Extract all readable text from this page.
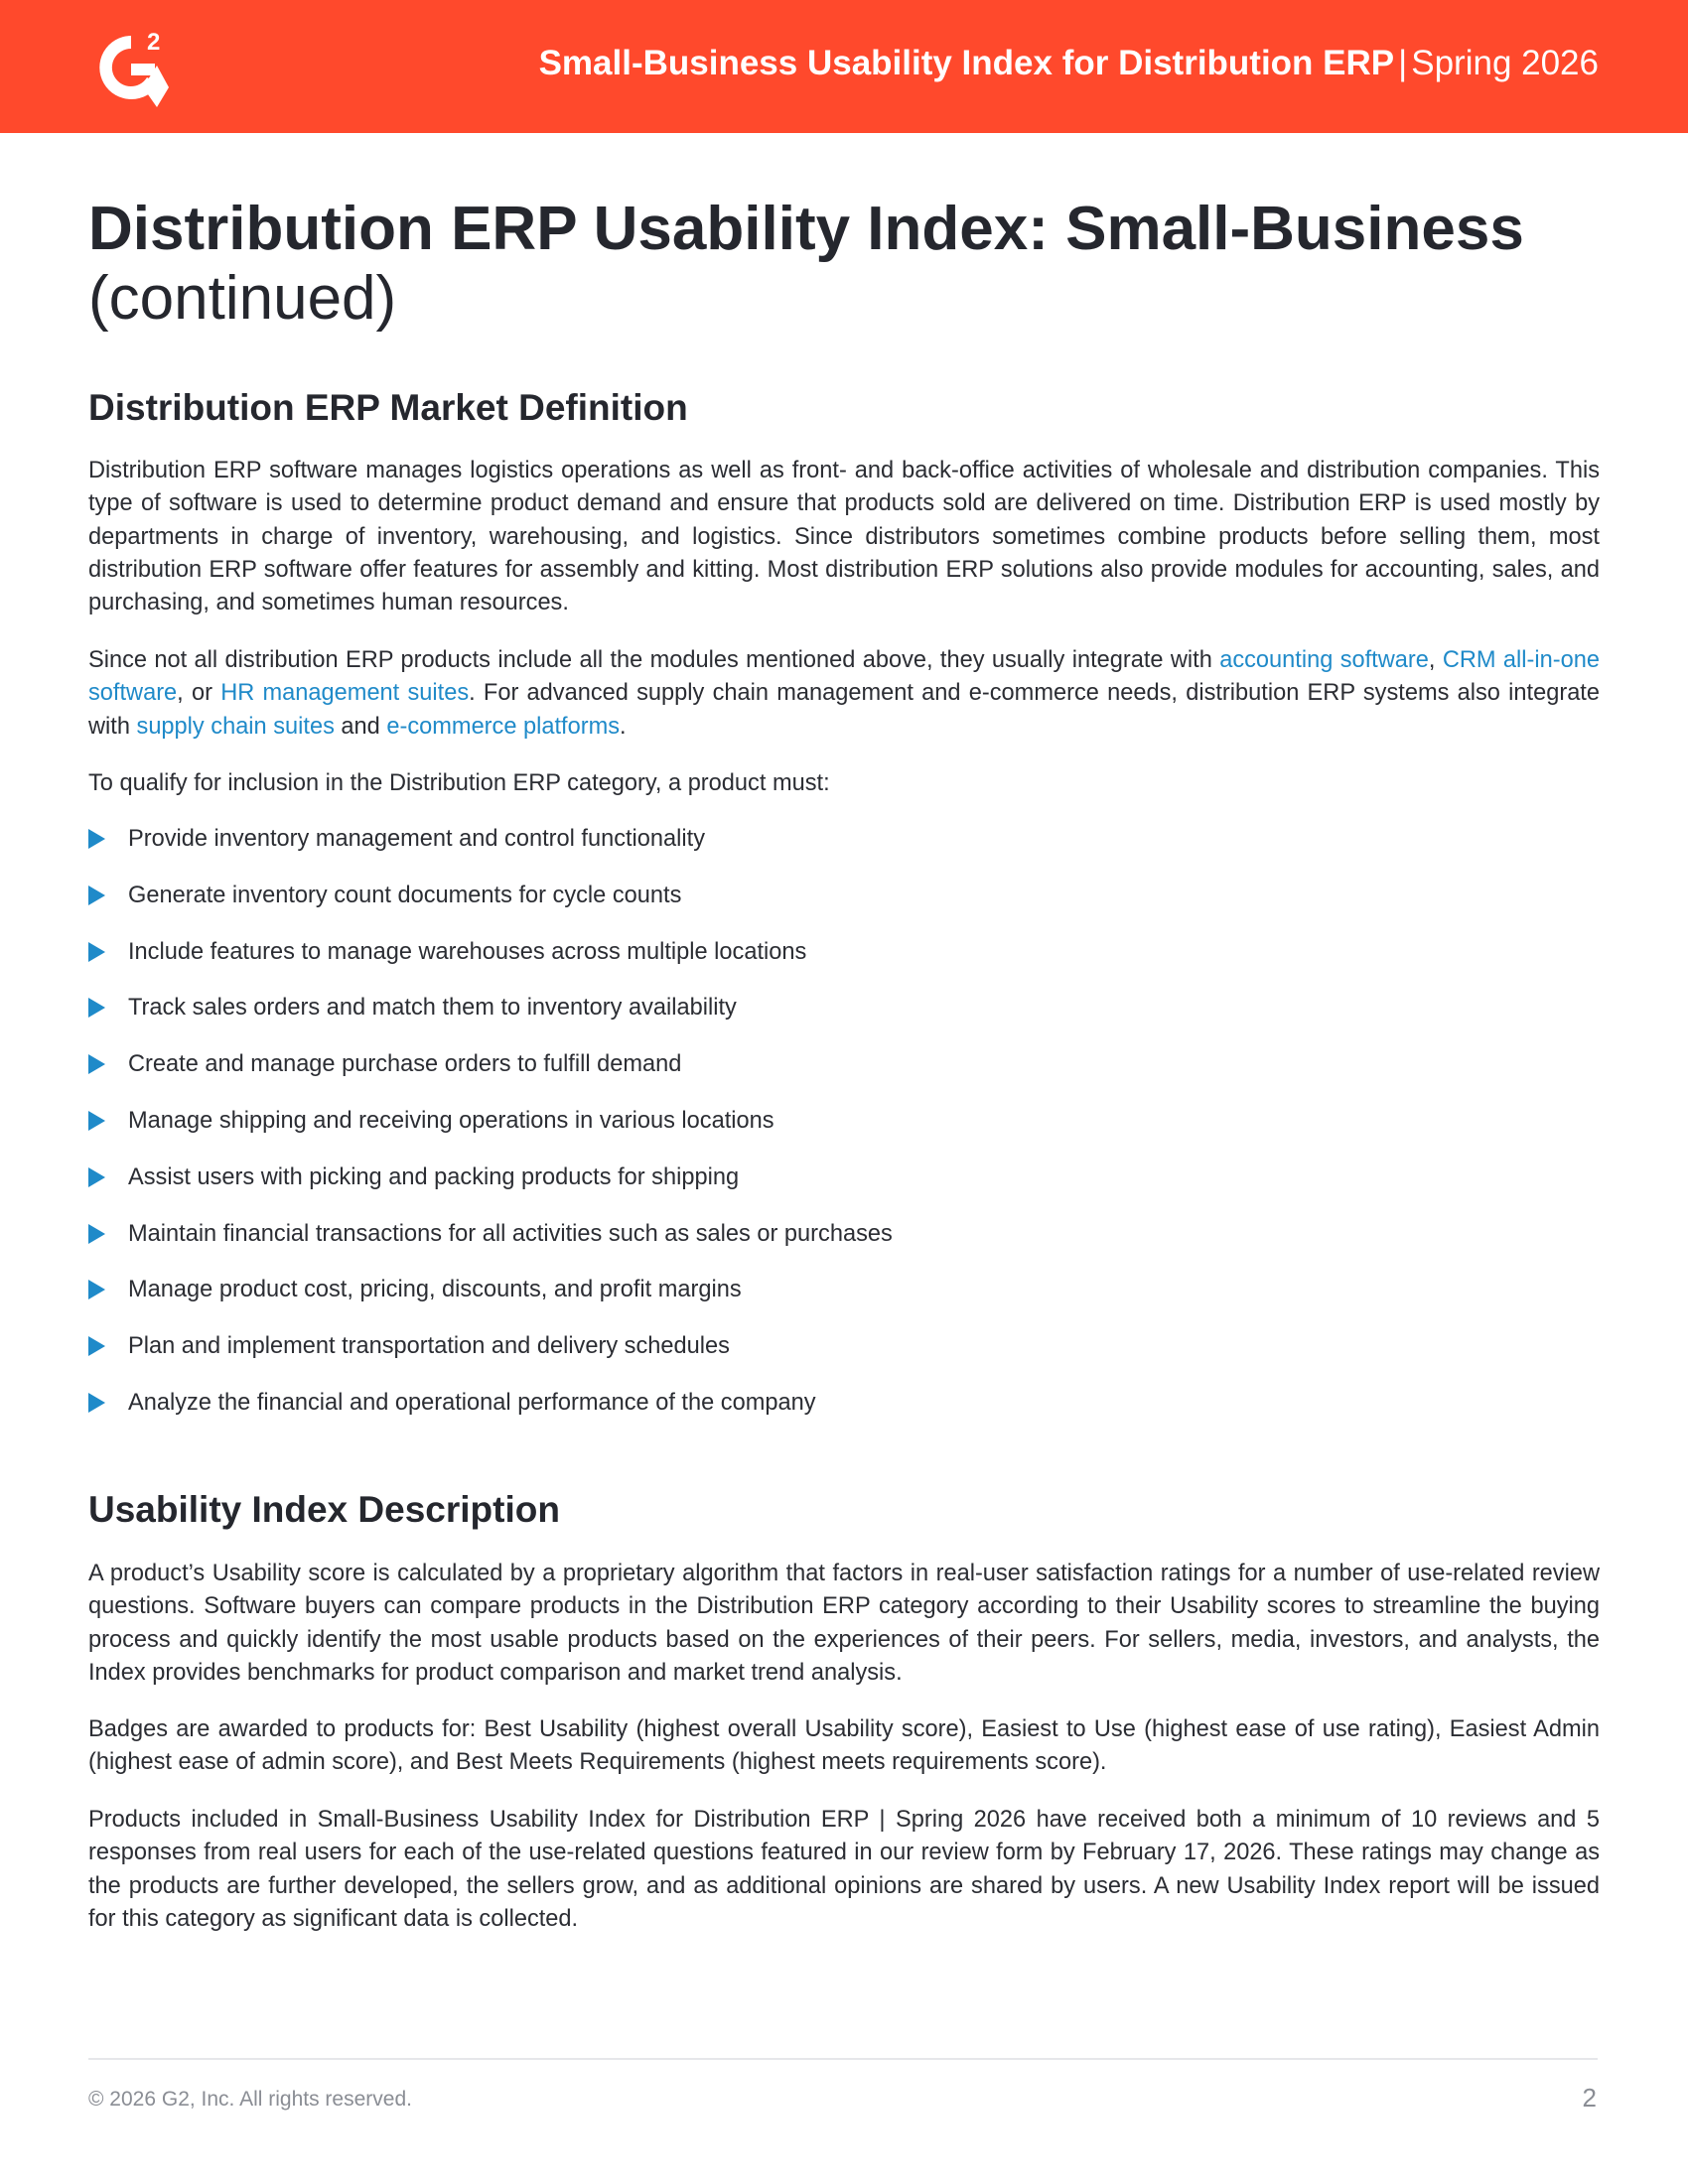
2
Small-Business Usability Index for Distribution ERP | Spring 2026
Distribution ERP Usability Index: Small-Business
(continued)
Distribution ERP Market Definition

Distribution ERP software manages logistics operations as well as front- and back-office activities of wholesale and distribution companies. This type of software is used to determine product demand and ensure that products sold are delivered on time. Distribution ERP is used mostly by departments in charge of inventory, warehousing, and logistics. Since distributors sometimes combine products before selling them, most distribution ERP software offer features for assembly and kitting. Most distribution ERP solutions also provide modules for accounting, sales, and purchasing, and sometimes human resources.

Since not all distribution ERP products include all the modules mentioned above, they usually integrate with accounting software, CRM all-in-one software, or HR management suites. For advanced supply chain management and e-commerce needs, distribution ERP systems also integrate with supply chain suites and e-commerce platforms.

To qualify for inclusion in the Distribution ERP category, a product must:

Provide inventory management and control functionality
Generate inventory count documents for cycle counts
Include features to manage warehouses across multiple locations
Track sales orders and match them to inventory availability
Create and manage purchase orders to fulfill demand
Manage shipping and receiving operations in various locations
Assist users with picking and packing products for shipping
Maintain financial transactions for all activities such as sales or purchases
Manage product cost, pricing, discounts, and profit margins
Plan and implement transportation and delivery schedules
Analyze the financial and operational performance of the company
Usability Index Description

A product’s Usability score is calculated by a proprietary algorithm that factors in real-user satisfaction ratings for a number of use-related review questions. Software buyers can compare products in the Distribution ERP category according to their Usability scores to streamline the buying process and quickly identify the most usable products based on the experiences of their peers. For sellers, media, investors, and analysts, the Index provides benchmarks for product comparison and market trend analysis.

Badges are awarded to products for: Best Usability (highest overall Usability score), Easiest to Use (highest ease of use rating), Easiest Admin (highest ease of admin score), and Best Meets Requirements (highest meets requirements score).

Products included in Small-Business Usability Index for Distribution ERP | Spring 2026 have received both a minimum of 10 reviews and 5 responses from real users for each of the use-related questions featured in our review form by February 17, 2026. These ratings may change as the products are further developed, the sellers grow, and as additional opinions are shared by users. A new Usability Index report will be issued for this category as significant data is collected.

© 2026 G2, Inc. All rights reserved.	2
